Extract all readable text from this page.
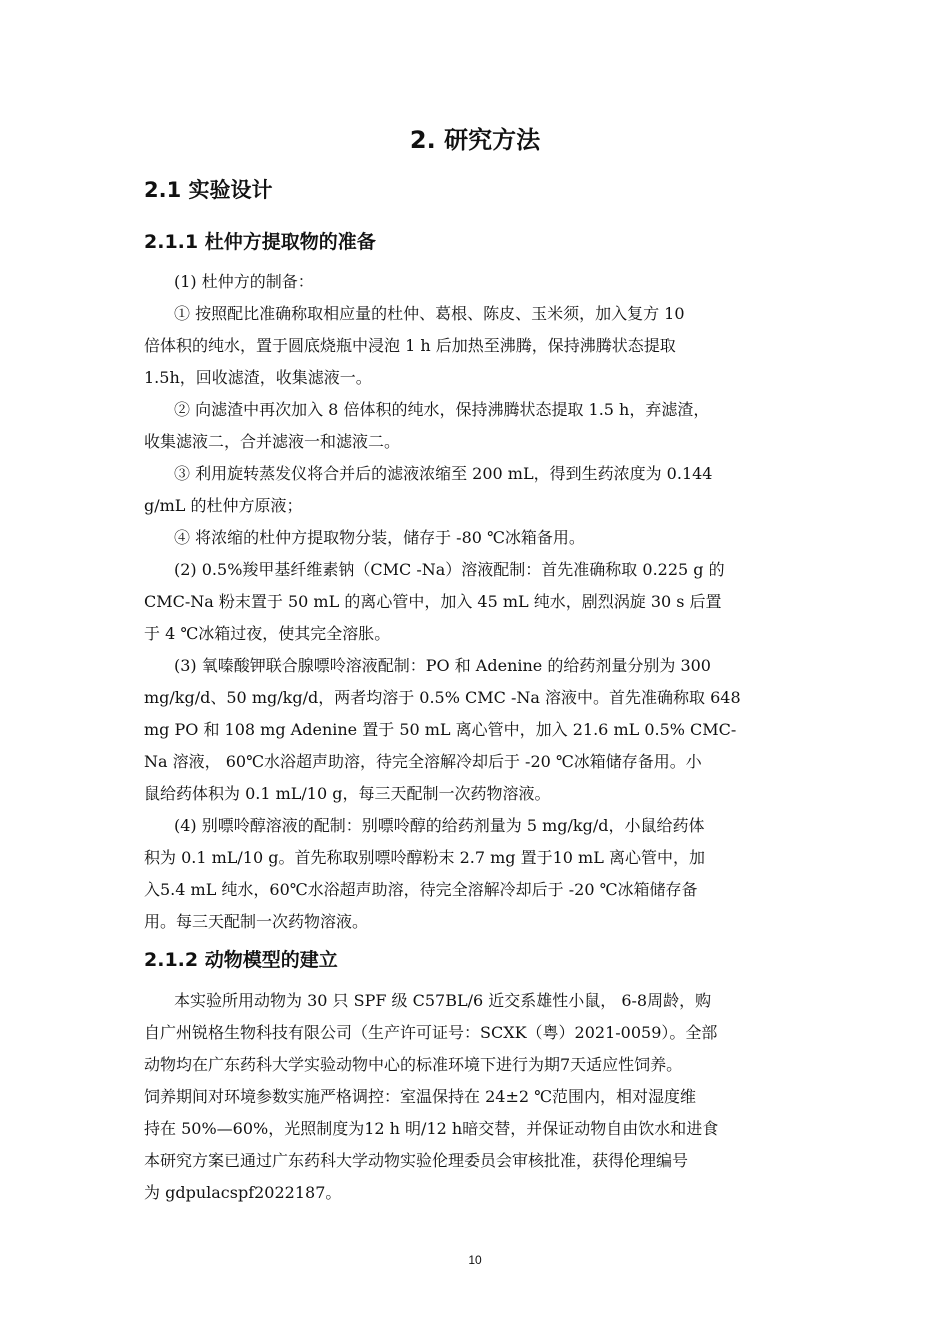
2. 研究方法
2.1 实验设计
2.1.1 杜仲方提取物的准备

(1) 杜仲方的制备：

① 按照配比准确称取相应量的杜仲、葛根、陈皮、玉米须，加入复方 10
倍体积的纯水，置于圆底烧瓶中浸泡 1 h 后加热至沸腾，保持沸腾状态提取
1.5h，回收滤渣，收集滤液一。

② 向滤渣中再次加入 8 倍体积的纯水，保持沸腾状态提取 1.5 h，弃滤渣，
收集滤液二，合并滤液一和滤液二。

③ 利用旋转蒸发仪将合并后的滤液浓缩至 200 mL，得到生药浓度为 0.144
g/mL 的杜仲方原液；

④ 将浓缩的杜仲方提取物分装，储存于 -80 ℃冰箱备用。

(2) 0.5%羧甲基纤维素钠（CMC -Na）溶液配制：首先准确称取 0.225 g 的
CMC-Na 粉末置于 50 mL 的离心管中，加入 45 mL 纯水，剧烈涡旋 30 s 后置
于 4 ℃冰箱过夜，使其完全溶胀。

(3) 氧嗪酸钾联合腺嘌呤溶液配制：PO 和 Adenine 的给药剂量分别为 300
mg/kg/d、50 mg/kg/d，两者均溶于 0.5% CMC -Na 溶液中。首先准确称取 648
mg PO 和 108 mg Adenine 置于 50 mL 离心管中，加入 21.6 mL 0.5% CMC-
Na 溶液， 60℃水浴超声助溶，待完全溶解冷却后于 -20 ℃冰箱储存备用。小
鼠给药体积为 0.1 mL/10 g，每三天配制一次药物溶液。

(4) 别嘌呤醇溶液的配制：别嘌呤醇的给药剂量为 5 mg/kg/d，小鼠给药体
积为 0.1 mL/10 g。首先称取别嘌呤醇粉末 2.7 mg 置于10 mL 离心管中，加
入5.4 mL 纯水，60℃水浴超声助溶，待完全溶解冷却后于 -20 ℃冰箱储存备
用。每三天配制一次药物溶液。

2.1.2 动物模型的建立

本实验所用动物为 30 只 SPF 级 C57BL/6 近交系雄性小鼠， 6-8周龄，购
自广州锐格生物科技有限公司（生产许可证号：SCXK（粤）2021-0059）。全部
动物均在广东药科大学实验动物中心的标准环境下进行为期7天适应性饲养。
饲养期间对环境参数实施严格调控：室温保持在 24±2 ℃范围内，相对湿度维
持在 50%—60%，光照制度为12 h 明/12 h暗交替，并保证动物自由饮水和进食
本研究方案已通过广东药科大学动物实验伦理委员会审核批准，获得伦理编号
为 gdpulacspf2022187。

10
